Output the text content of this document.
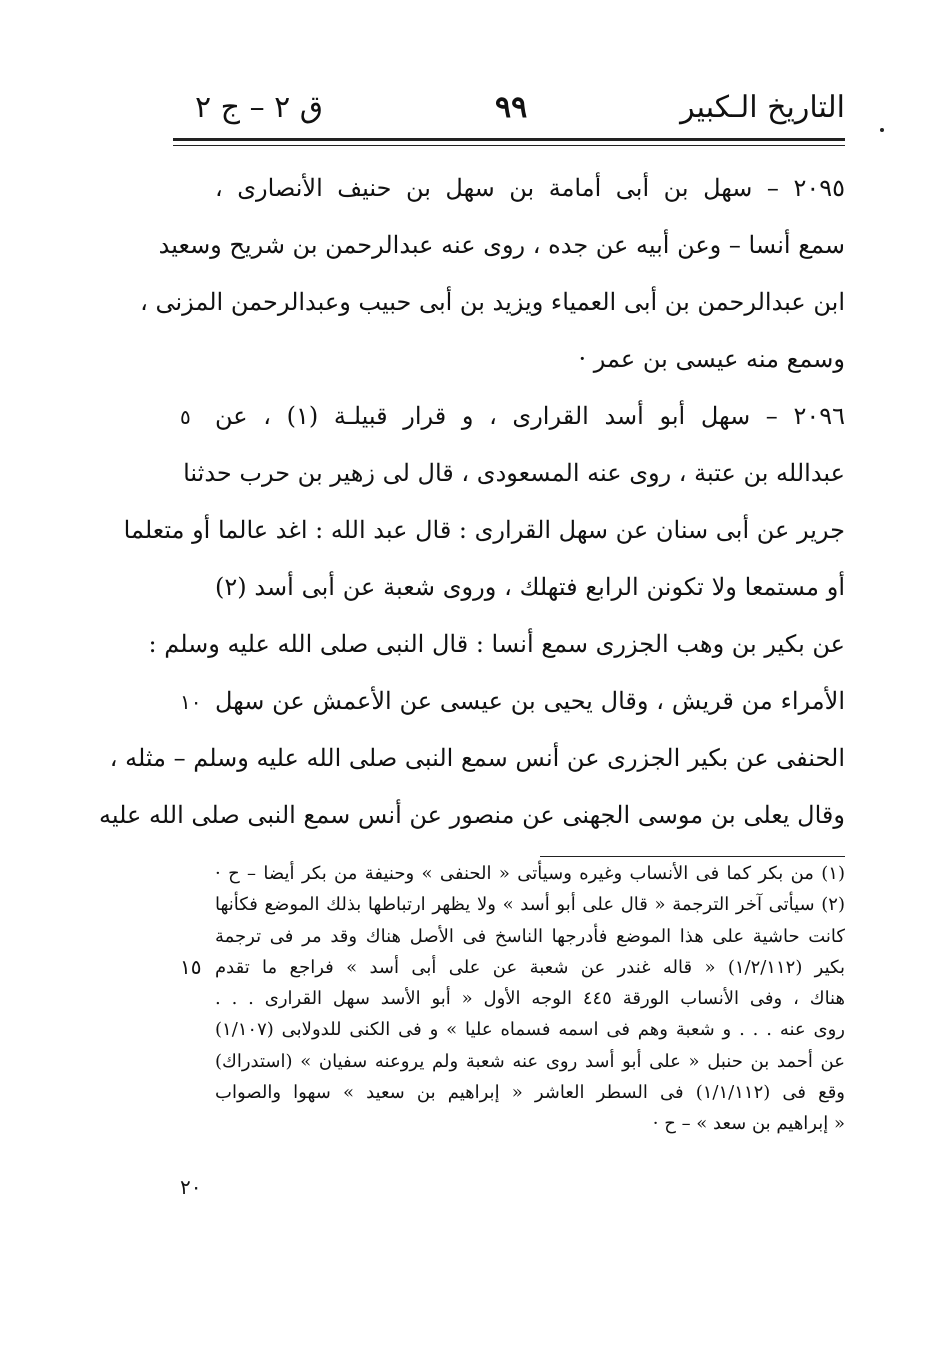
التاريخ الـكبير
٩٩
ق ٢ – ج ٢
٢٠٩٥ – سهل بن أبى أمامة بن سهل بن حنيف الأنصارى ،
سمع أنسا – وعن أبيه عن جده ، روى عنه عبدالرحمن بن شريح وسعيد
ابن عبدالرحمن بن أبى العمياء ويزيد بن أبى حبيب وعبدالرحمن المزنى ،
وسمع منه عيسى بن عمر ·
٢٠٩٦ – سهل أبو أسد القرارى ، و قرار قبيلـة (١) ، عن
عبدالله بن عتبة ، روى عنه المسعودى ، قال لى زهير بن حرب حدثنا
جرير عن أبى سنان عن سهل القرارى : قال عبد الله : اغد عالما أو متعلما
أو مستمعا ولا تكونن الرابع فتهلك ، وروى شعبة عن أبى أسد (٢)
عن بكير بن وهب الجزرى سمع أنسا : قال النبى صلى الله عليه وسلم :
الأمراء من قريش ، وقال يحيى بن عيسى عن الأعمش عن سهل
الحنفى عن بكير الجزرى عن أنس سمع النبى صلى الله عليه وسلم – مثله ،
وقال يعلى بن موسى الجهنى عن منصور عن أنس سمع النبى صلى الله عليه
٥
١٠
١٥
٢٠
(١) من بكر كما فى الأنساب وغيره وسيأتى « الحنفى » وحنيفة من بكر أيضا – ح ·
(٢) سيأتى آخر الترجمة « قال على أبو أسد » ولا يظهر ارتباطها بذلك الموضع فكأنها
كانت حاشية على هذا الموضع فأدرجها الناسخ فى الأصل هناك وقد مر فى ترجمة
بكير (١/٢/١١٢) « قاله غندر عن شعبة عن على أبى أسد » فراجع ما تقدم
هناك ، وفى الأنساب الورقة ٤٤٥ الوجه الأول « أبو الأسد سهل القرارى . . .
روى عنه . . . و شعبة وهم فى اسمه فسماه عليا » و فى الكنى للدولابى (١/١٠٧)
عن أحمد بن حنبل « على أبو أسد روى عنه شعبة ولم يروعنه سفيان » (استدراك)
وقع فى (١/١/١١٢) فى السطر العاشر « إبراهيم بن سعيد » سهوا والصواب
« إبراهيم بن سعد » – ح ·
